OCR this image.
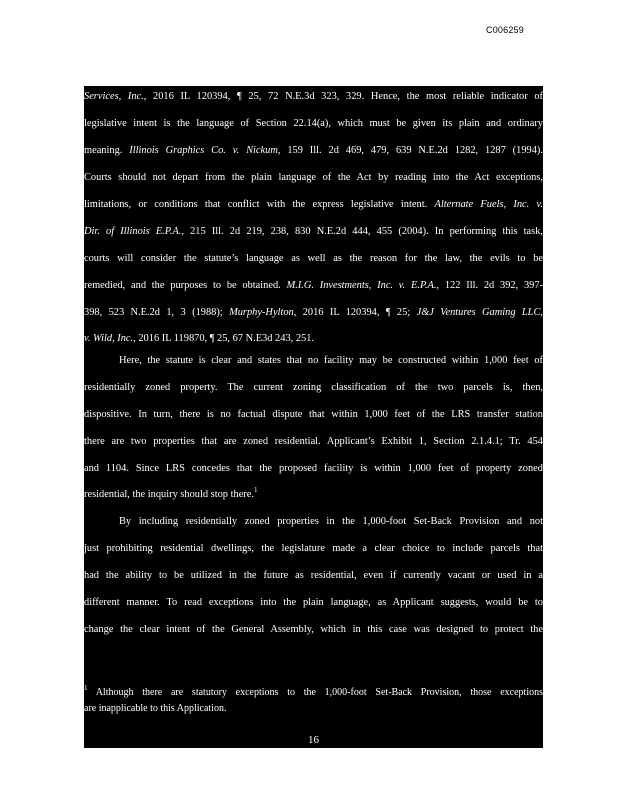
C006259
Services, Inc., 2016 IL 120394, ¶ 25, 72 N.E.3d 323, 329. Hence, the most reliable indicator of
legislative intent is the language of Section 22.14(a), which must be given its plain and ordinary
meaning. Illinois Graphics Co. v. Nickum, 159 Ill. 2d 469, 479, 639 N.E.2d 1282, 1287 (1994).
Courts should not depart from the plain language of the Act by reading into the Act exceptions,
limitations, or conditions that conflict with the express legislative intent. Alternate Fuels, Inc. v.
Dir. of Illinois E.P.A., 215 Ill. 2d 219, 238, 830 N.E.2d 444, 455 (2004). In performing this task,
courts will consider the statute’s language as well as the reason for the law, the evils to be
remedied, and the purposes to be obtained. M.I.G. Investments, Inc. v. E.P.A., 122 Ill. 2d 392, 397-
398, 523 N.E.2d 1, 3 (1988); Murphy-Hylton, 2016 IL 120394, ¶ 25; J&J Ventures Gaming LLC,
v. Wild, Inc., 2016 IL 119870, ¶ 25, 67 N.E3d 243, 251.
Here, the statute is clear and states that no facility may be constructed within 1,000 feet of
residentially zoned property. The current zoning classification of the two parcels is, then,
dispositive. In turn, there is no factual dispute that within 1,000 feet of the LRS transfer station
there are two properties that are zoned residential. Applicant’s Exhibit 1, Section 2.1.4.1; Tr. 454
and 1104. Since LRS concedes that the proposed facility is within 1,000 feet of property zoned
residential, the inquiry should stop there.$^1$
By including residentially zoned properties in the 1,000-foot Set-Back Provision and not
just prohibiting residential dwellings, the legislature made a clear choice to include parcels that
had the ability to be utilized in the future as residential, even if currently vacant or used in a
different manner. To read exceptions into the plain language, as Applicant suggests, would be to
change the clear intent of the General Assembly, which in this case was designed to protect the
$^1$ Although there are statutory exceptions to the 1,000-foot Set-Back Provision, those exceptions
are inapplicable to this Application.
16
